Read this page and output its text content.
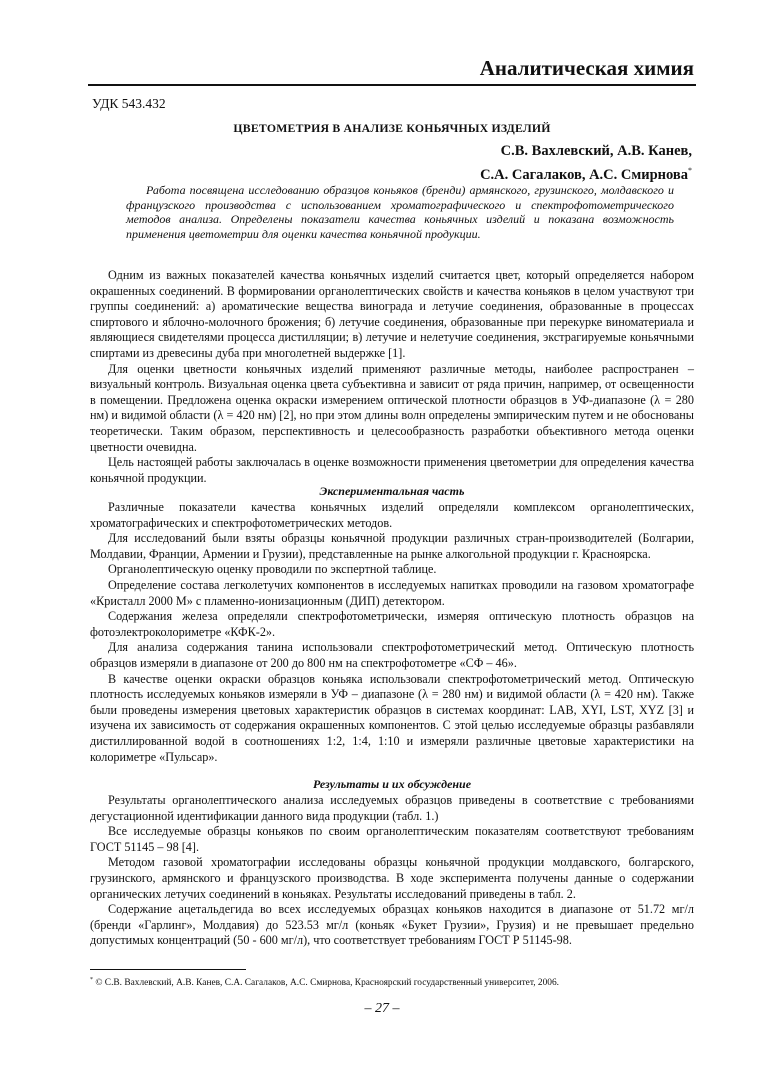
Аналитическая химия
УДК 543.432
ЦВЕТОМЕТРИЯ В АНАЛИЗЕ КОНЬЯЧНЫХ ИЗДЕЛИЙ
С.В. Вахлевский, А.В. Канев,
С.А. Сагалаков, А.С. Смирнова*
Работа посвящена исследованию образцов коньяков (бренди) армянского, грузинского, молдавского и французского производства с использованием хроматографического и спектрофотометрического методов анализа. Определены показатели качества коньячных изделий и показана возможность применения цветометрии для оценки качества коньячной продукции.

Одним из важных показателей качества коньячных изделий считается цвет, который определяется набором окрашенных соединений. В формировании органолептических свойств и качества коньяков в целом участвуют три группы соединений: а) ароматические вещества винограда и летучие соединения, образованные в процессах спиртового и яблочно-молочного брожения; б) летучие соединения, образованные при перекурке виноматериала и являющиеся свидетелями процесса дистилляции; в) летучие и нелетучие соединения, экстрагируемые коньячными спиртами из древесины дуба при многолетней выдержке [1].

Для оценки цветности коньячных изделий применяют различные методы, наиболее распространен – визуальный контроль. Визуальная оценка цвета субъективна и зависит от ряда причин, например, от освещенности в помещении. Предложена оценка окраски измерением оптической плотности образцов в УФ-диапазоне (λ = 280 нм) и видимой области (λ = 420 нм) [2], но при этом длины волн определены эмпирическим путем и не обоснованы теоретически. Таким образом, перспективность и целесообразность разработки объективного метода оценки цветности очевидна.

Цель настоящей работы заключалась в оценке возможности применения цветометрии для определения качества коньячной продукции.

Экспериментальная часть

Различные показатели качества коньячных изделий определяли комплексом органолептических, хроматографических и спектрофотометрических методов.

Для исследований были взяты образцы коньячной продукции различных стран-производителей (Болгарии, Молдавии, Франции, Армении и Грузии), представленные на рынке алкогольной продукции г. Красноярска.

Органолептическую оценку проводили по экспертной таблице.

Определение состава легколетучих компонентов в исследуемых напитках проводили на газовом хроматографе «Кристалл 2000 М» с пламенно-ионизационным (ДИП) детектором.

Содержания железа определяли спектрофотометрически, измеряя оптическую плотность образцов на фотоэлектроколориметре «КФК-2».

Для анализа содержания танина использовали спектрофотометрический метод. Оптическую плотность образцов измеряли в диапазоне от 200 до 800 нм на спектрофотометре «СФ – 46».

В качестве оценки окраски образцов коньяка использовали спектрофотометрический метод. Оптическую плотность исследуемых коньяков измеряли в УФ – диапазоне (λ = 280 нм) и видимой области (λ = 420 нм). Также были проведены измерения цветовых характеристик образцов в системах координат: LAB, XYI, LST, XYZ [3] и изучена их зависимость от содержания окрашенных компонентов. С этой целью исследуемые образцы разбавляли дистиллированной водой в соотношениях 1:2, 1:4, 1:10 и измеряли различные цветовые характеристики на колориметре «Пульсар».

Результаты и их обсуждение

Результаты органолептического анализа исследуемых образцов приведены в соответствие с требованиями дегустационной идентификации данного вида продукции (табл. 1.)

Все исследуемые образцы коньяков по своим органолептическим показателям соответствуют требованиям ГОСТ 51145 – 98 [4].

Методом газовой хроматографии исследованы образцы коньячной продукции молдавского, болгарского, грузинского, армянского и французского производства. В ходе эксперимента получены данные о содержании органических летучих соединений в коньяках. Результаты исследований приведены в табл. 2.

Содержание ацетальдегида во всех исследуемых образцах коньяков находится в диапазоне от 51.72 мг/л (бренди «Гарлинг», Молдавия) до 523.53 мг/л (коньяк «Букет Грузии», Грузия) и не превышает предельно допустимых концентраций (50 - 600 мг/л), что соответствует требованиям ГОСТ Р 51145-98.

* © С.В. Вахлевский, А.В. Канев, С.А. Сагалаков, А.С. Смирнова, Красноярский государственный университет, 2006.
– 27 –
